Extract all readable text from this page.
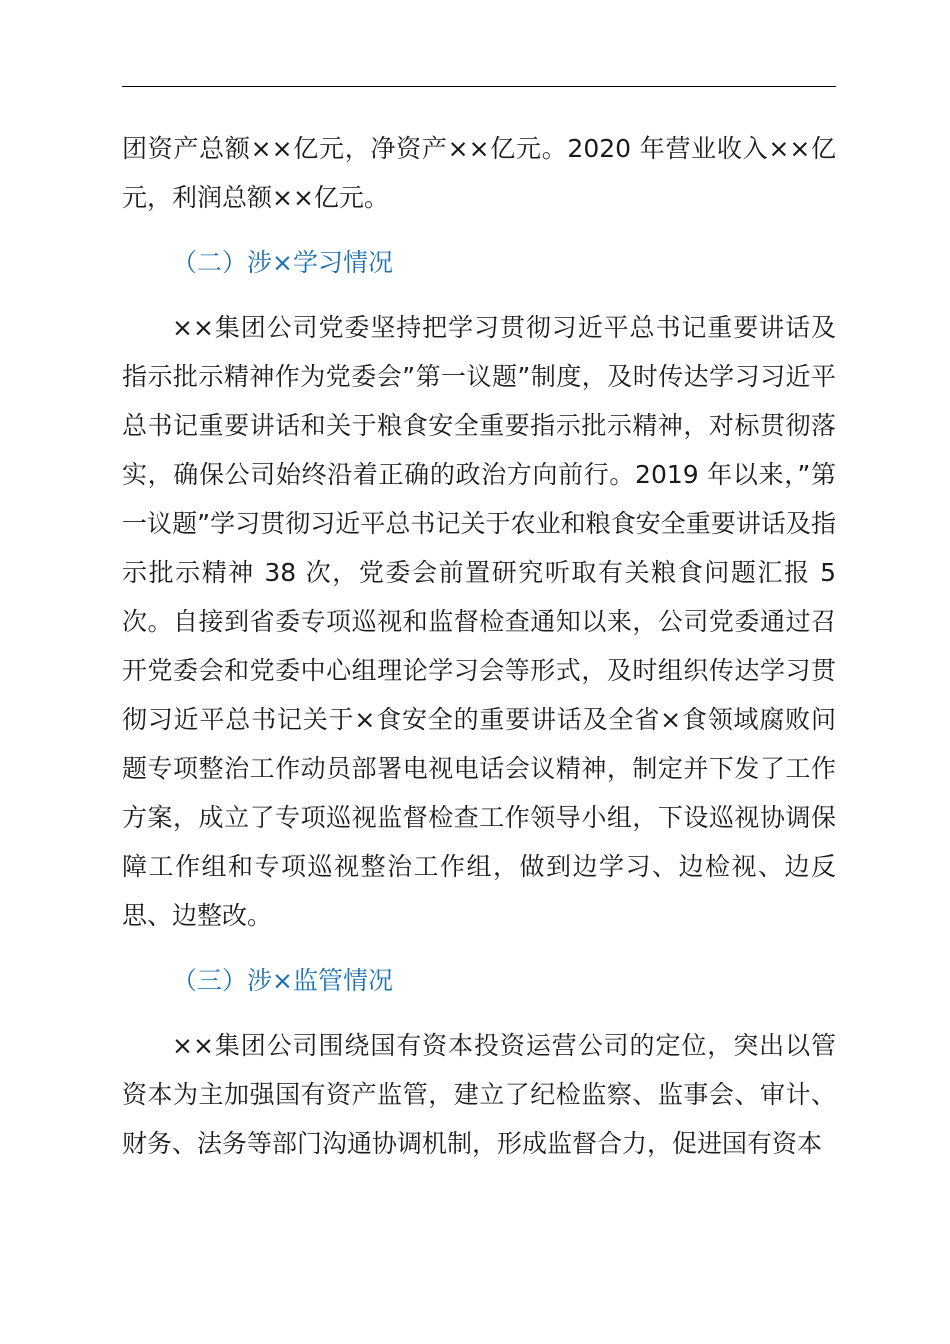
团资产总额××亿元，净资产××亿元。2020 年营业收入××亿元，利润总额××亿元。

（二）涉×学习情况

××集团公司党委坚持把学习贯彻习近平总书记重要讲话及指示批示精神作为党委会”第一议题”制度，及时传达学习习近平总书记重要讲话和关于粮食安全重要指示批示精神，对标贯彻落实，确保公司始终沿着正确的政治方向前行。2019 年以来，”第一议题”学习贯彻习近平总书记关于农业和粮食安全重要讲话及指示批示精神 38 次，党委会前置研究听取有关粮食问题汇报 5 次。自接到省委专项巡视和监督检查通知以来，公司党委通过召开党委会和党委中心组理论学习会等形式，及时组织传达学习贯彻习近平总书记关于×食安全的重要讲话及全省×食领域腐败问题专项整治工作动员部署电视电话会议精神，制定并下发了工作方案，成立了专项巡视监督检查工作领导小组，下设巡视协调保障工作组和专项巡视整治工作组，做到边学习、边检视、边反思、边整改。

（三）涉×监管情况

××集团公司围绕国有资本投资运营公司的定位，突出以管资本为主加强国有资产监管，建立了纪检监察、监事会、审计、财务、法务等部门沟通协调机制，形成监督合力，促进国有资本
